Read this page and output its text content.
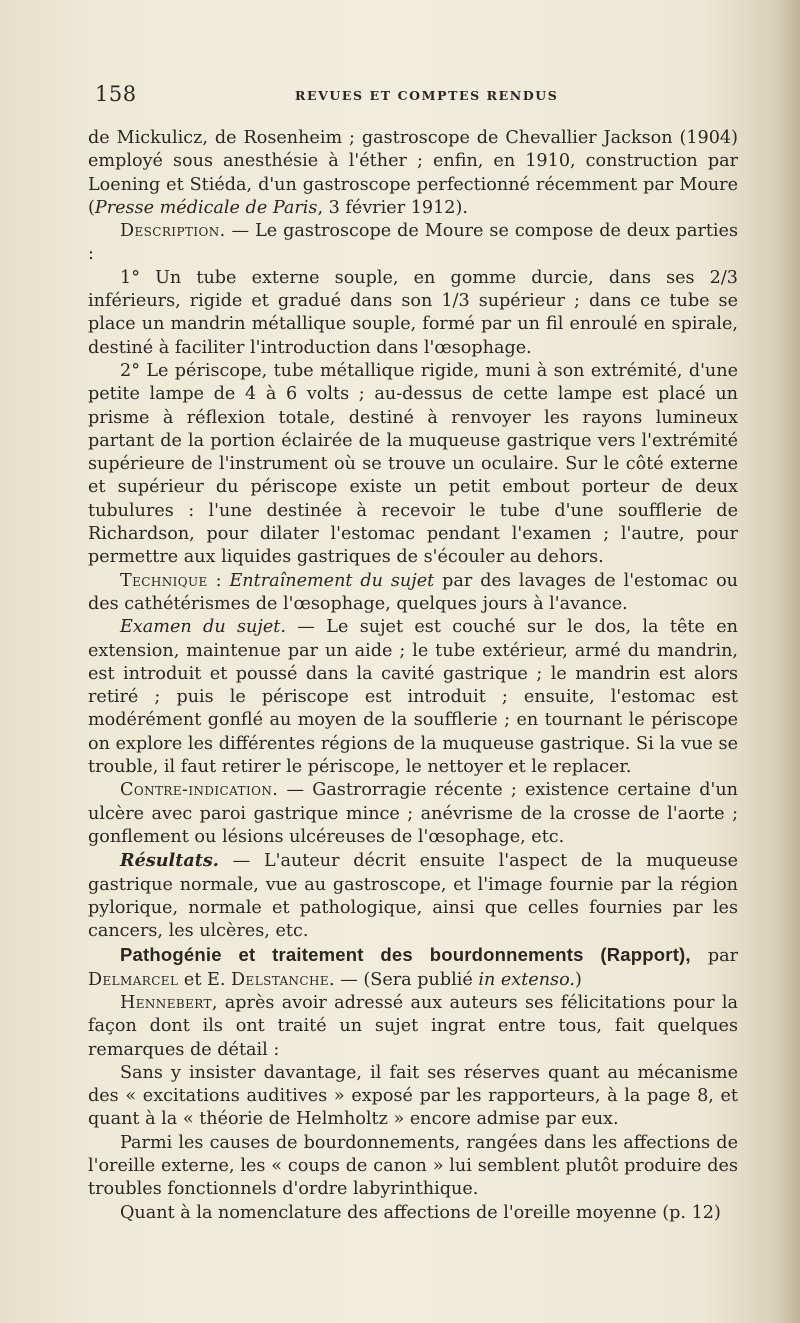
158	REVUES ET COMPTES RENDUS

de Mickulicz, de Rosenheim ; gastroscope de Chevallier Jackson (1904) employé sous anesthésie à l'éther ; enfin, en 1910, construction par Loening et Stiéda, d'un gastroscope perfectionné récemment par Moure (Presse médicale de Paris, 3 février 1912).

Description. — Le gastroscope de Moure se compose de deux parties :

1° Un tube externe souple, en gomme durcie, dans ses 2/3 inférieurs, rigide et gradué dans son 1/3 supérieur ; dans ce tube se place un mandrin métallique souple, formé par un fil enroulé en spirale, destiné à faciliter l'introduction dans l'œsophage.

2° Le périscope, tube métallique rigide, muni à son extrémité, d'une petite lampe de 4 à 6 volts ; au-dessus de cette lampe est placé un prisme à réflexion totale, destiné à renvoyer les rayons lumineux partant de la portion éclairée de la muqueuse gastrique vers l'extrémité supérieure de l'instrument où se trouve un oculaire. Sur le côté externe et supérieur du périscope existe un petit embout porteur de deux tubulures : l'une destinée à recevoir le tube d'une soufflerie de Richardson, pour dilater l'estomac pendant l'examen ; l'autre, pour permettre aux liquides gastriques de s'écouler au dehors.

Technique : Entraînement du sujet par des lavages de l'estomac ou des cathétérismes de l'œsophage, quelques jours à l'avance.

Examen du sujet. — Le sujet est couché sur le dos, la tête en extension, maintenue par un aide ; le tube extérieur, armé du mandrin, est introduit et poussé dans la cavité gastrique ; le mandrin est alors retiré ; puis le périscope est introduit ; ensuite, l'estomac est modérément gonflé au moyen de la soufflerie ; en tournant le périscope on explore les différentes régions de la muqueuse gastrique. Si la vue se trouble, il faut retirer le périscope, le nettoyer et le replacer.

Contre-indication. — Gastrorragie récente ; existence certaine d'un ulcère avec paroi gastrique mince ; anévrisme de la crosse de l'aorte ; gonflement ou lésions ulcéreuses de l'œsophage, etc.

Résultats. — L'auteur décrit ensuite l'aspect de la muqueuse gastrique normale, vue au gastroscope, et l'image fournie par la région pylorique, normale et pathologique, ainsi que celles fournies par les cancers, les ulcères, etc.

Pathogénie et traitement des bourdonnements (Rapport), par Delmarcel et E. Delstanche. — (Sera publié in extenso.)

Hennebert, après avoir adressé aux auteurs ses félicitations pour la façon dont ils ont traité un sujet ingrat entre tous, fait quelques remarques de détail :

Sans y insister davantage, il fait ses réserves quant au mécanisme des « excitations auditives » exposé par les rapporteurs, à la page 8, et quant à la « théorie de Helmholtz » encore admise par eux.

Parmi les causes de bourdonnements, rangées dans les affections de l'oreille externe, les « coups de canon » lui semblent plutôt produire des troubles fonctionnels d'ordre labyrinthique.

Quant à la nomenclature des affections de l'oreille moyenne (p. 12)
